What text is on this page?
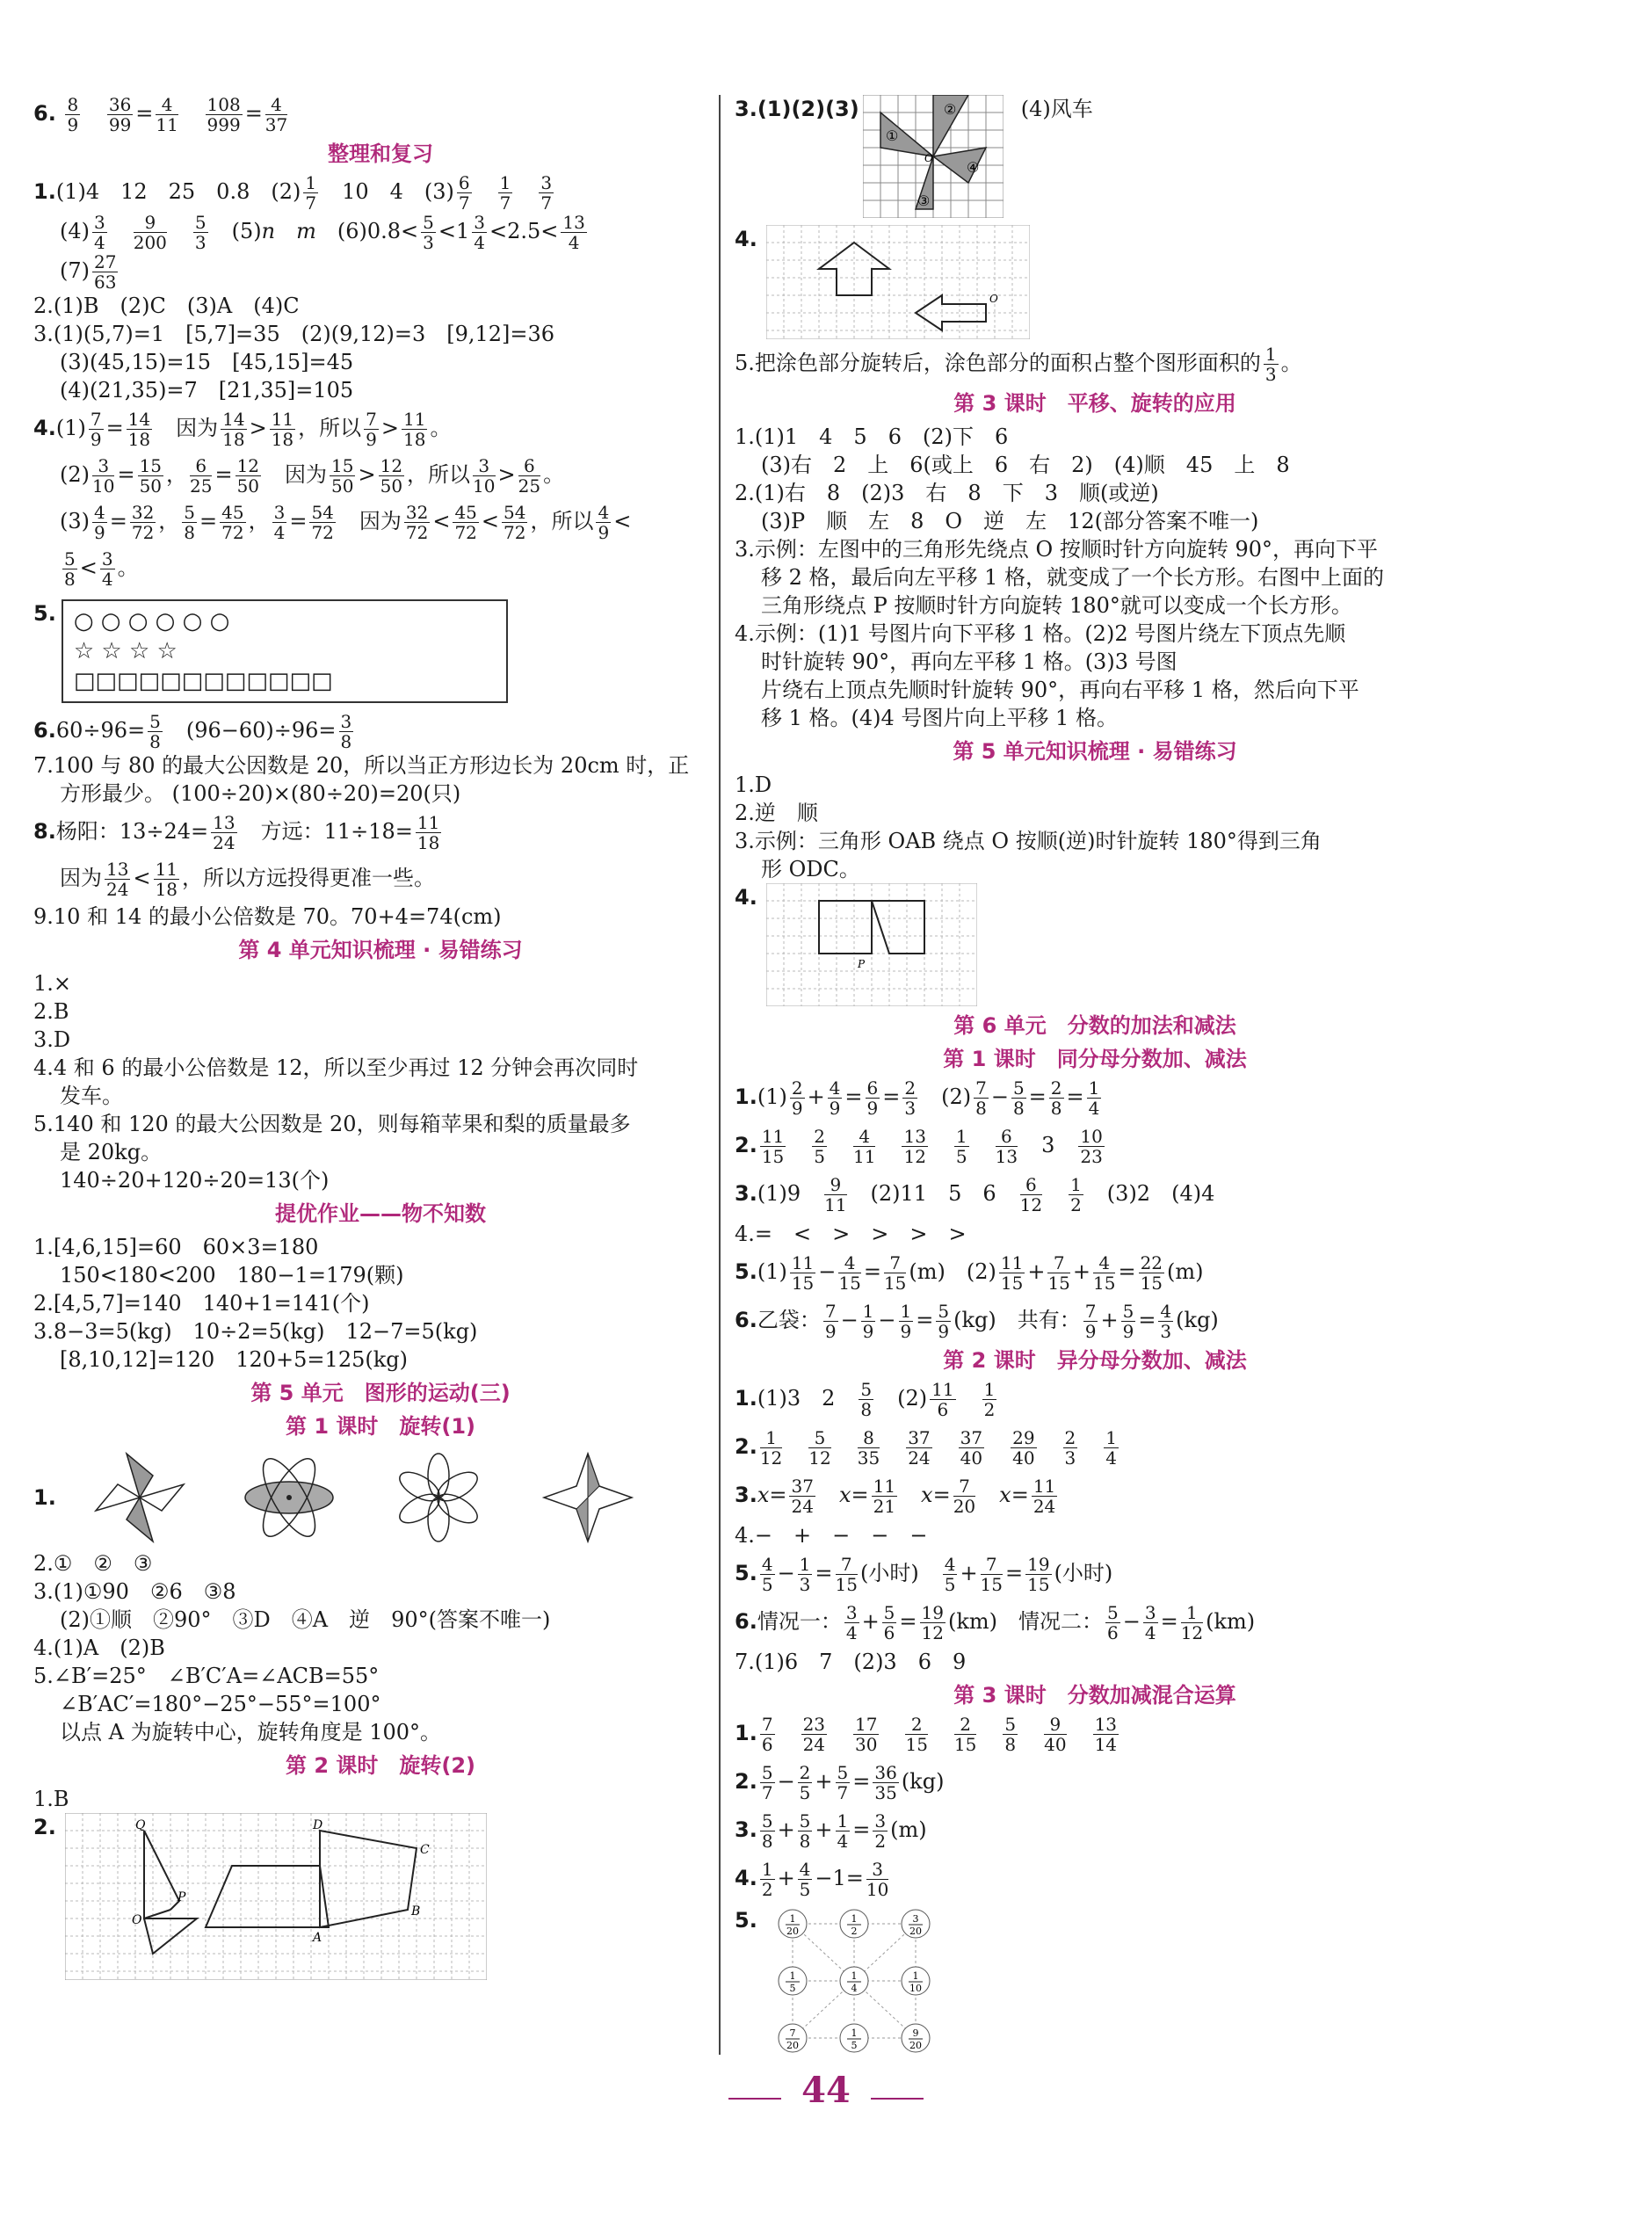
6. $\frac{8}{9}$
$\frac{36}{99} = \frac{4}{11}$
$\frac{108}{999} = \frac{4}{37}$
整理和复习
1.(1)4　12　25　0.8　$(2) \frac{1}{7}$ 　10　4　$(3) \frac{6}{7}$
　 $\frac{1}{7}$
　 $\frac{3}{7}$
$(4) \frac{3}{4}$
　 $\frac{9}{200}$
　 $\frac{5}{3}$ 　(5)n　 m　$(6)0.8< \frac{5}{3} <1 \frac{3}{4} <2.5< \frac{13}{4}$
$(7) \frac{27}{63}$
2.(1)B　(2)C　(3)A　(4)C
3.(1)(5,7)=1　[5,7]=35　(2)(9,12)=3　[9,12]=36
(3)(45,15)=15　[45,15]=45
(4)(21,35)=7　[21,35]=105
$4.(1) \frac{7}{9} = \frac{14}{18}$ 　因为 $\frac{14}{18} > \frac{11}{18}$ ，所以 $\frac{7}{9} > \frac{11}{18}$ 。
$(2) \frac{3}{10} = \frac{15}{50}$ ， $\frac{6}{25} = \frac{12}{50}$ 　因为 $\frac{15}{50} > \frac{12}{50}$ ，所以 $\frac{3}{10} > \frac{6}{25}$ 。
$(3) \frac{4}{9} = \frac{32}{72}$ ， $\frac{5}{8} = \frac{45}{72}$ ， $\frac{3}{4} = \frac{54}{72}$ 　因为 $\frac{32}{72} < \frac{45}{72} < \frac{54}{72}$ ，所以 $\frac{4}{9}$ <
$\frac{5}{8} < \frac{3}{4}$ 。
5. ○ ○ ○ ○ ○ ○
☆ ☆ ☆ ☆
□□□□□□□□□□□□
$6.60\div 96= \frac{5}{8}$ 　$(96-60)\div 96= \frac{3}{8}$
7.100 与 80 的最大公因数是 20，所以当正方形边长为 20cm 时，正
方形最少。 (100÷20)×(80÷20)=20(只)
8.杨阳：$13\div 24= \frac{13}{24}$ 　方远：$11\div 18= \frac{11}{18}$
因为 $\frac{13}{24} < \frac{11}{18}$ ，所以方远投得更准一些。
9.10 和 14 的最小公倍数是 70。70+4=74(cm)
第 4 单元知识梳理 · 易错练习
1.×
2.B
3.D
4.4 和 6 的最小公倍数是 12，所以至少再过 12 分钟会再次同时
发车。
5.140 和 120 的最大公因数是 20，则每箱苹果和梨的质量最多
是 20kg。
140÷20+120÷20=13(个)
提优作业——物不知数
1.[4,6,15]=60　60×3=180
150<180<200　180−1=179(颗)
2.[4,5,7]=140　140+1=141(个)
3.8−3=5(kg)　10÷2=5(kg)　12−7=5(kg)
[8,10,12]=120　120+5=125(kg)
第 5 单元　图形的运动(三)
第 1 课时　旋转(1)
1.
2.①　②　③
3.(1)①90　②6　③8
(2)①顺　②90°　③D　④A　逆　90°(答案不唯一)
4.(1)A　(2)B
5.∠B′=25°　∠B′C′A=∠ACB=55°
∠B′AC′=180°−25°−55°=100°
以点 A 为旋转中心，旋转角度是 100°。
第 2 课时　旋转(2)
1.B
2.	Q
P
O
D
C
B
A
3.(1)(2)(3)
①
②
③
④
O
(4)风车
4.
O
5.把涂色部分旋转后，涂色部分的面积占整个图形面积的 $\frac{1}{3}$ 。
第 3 课时　平移、旋转的应用
1.(1)1　4　5　6　(2)下　6
(3)右　2　上　6(或上　6　右　2)　(4)顺　45　上　8
2.(1)右　8　(2)3　右　8　下　3　顺(或逆)
(3)P　顺　左　8　O　逆　左　12(部分答案不唯一)
3.示例：左图中的三角形先绕点 O 按顺时针方向旋转 90°，再向下平
移 2 格，最后向左平移 1 格，就变成了一个长方形。右图中上面的
三角形绕点 P 按顺时针方向旋转 180°就可以变成一个长方形。
4.示例：(1)1 号图片向下平移 1 格。(2)2 号图片绕左下顶点先顺
时针旋转 90°，再向左平移 1 格。(3)3 号图
片绕右上顶点先顺时针旋转 90°，再向右平移 1 格，然后向下平
移 1 格。(4)4 号图片向上平移 1 格。
第 5 单元知识梳理 · 易错练习
1.D
2.逆　顺
3.示例：三角形 OAB 绕点 O 按顺(逆)时针旋转 180°得到三角
形 ODC。
4.
P
第 6 单元　分数的加法和减法
第 1 课时　同分母分数加、减法
$1.(1) \frac{2}{9} + \frac{4}{9} = \frac{6}{9} = \frac{2}{3}$ 　$(2) \frac{7}{8} - \frac{5}{8} = \frac{2}{8} = \frac{1}{4}$
2. $\frac{11}{15}$
　 $\frac{2}{5}$
　 $\frac{4}{11}$
　 $\frac{13}{12}$
　 $\frac{1}{5}$
　 $\frac{6}{13}$ 　3　 $\frac{10}{23}$
3.(1)9　 $\frac{9}{11}$ 　(2)11　5　6　 $\frac{6}{12}$
　 $\frac{1}{2}$ 　(3)2　(4)4
4.=　<　>　>　>　>
$5.(1) \frac{11}{15} - \frac{4}{15} = \frac{7}{15} (m)$　$(2) \frac{11}{15} + \frac{7}{15} + \frac{4}{15} = \frac{22}{15} (m)$
6.乙袋： $\frac{7}{9} - \frac{1}{9} - \frac{1}{9} = \frac{5}{9} (kg)$　共有： $\frac{7}{9} + \frac{5}{9} = \frac{4}{3} (kg)$
第 2 课时　异分母分数加、减法
1.(1)3　2　 $\frac{5}{8}$ 　$(2) \frac{11}{6}$
　 $\frac{1}{2}$
2. $\frac{1}{12}$
　 $\frac{5}{12}$
　 $\frac{8}{35}$
　 $\frac{37}{24}$
　 $\frac{37}{40}$
　 $\frac{29}{40}$
　 $\frac{2}{3}$
　 $\frac{1}{4}$
$3.x= \frac{37}{24}$
　 $x= \frac{11}{21}$
　 $x= \frac{7}{20}$
　 $x= \frac{11}{24}$
4.−　+　−　−　−
5. $\frac{4}{5} - \frac{1}{3} = \frac{7}{15}$ (小时)　 $\frac{4}{5} + \frac{7}{15} = \frac{19}{15}$ (小时)
6.情况一： $\frac{3}{4} + \frac{5}{6} = \frac{19}{12} (km)$　情况二： $\frac{5}{6} - \frac{3}{4} = \frac{1}{12} (km)$
7.(1)6　7　(2)3　6　9
第 3 课时　分数加减混合运算
1. $\frac{7}{6}$
　 $\frac{23}{24}$
　 $\frac{17}{30}$
　 $\frac{2}{15}$
　 $\frac{2}{15}$
　 $\frac{5}{8}$
　 $\frac{9}{40}$
　 $\frac{13}{14}$
2. $\frac{5}{7} - \frac{2}{5} + \frac{5}{7} = \frac{36}{35} (kg)$
3. $\frac{5}{8} + \frac{5}{8} + \frac{1}{4} = \frac{3}{2} (m)$
4. $\frac{1}{2} + \frac{4}{5} -1= \frac{3}{10}$
5.	1
20
1
2
3
20
1
5
1
4
1
10
7
20
1
5
9
20
44
